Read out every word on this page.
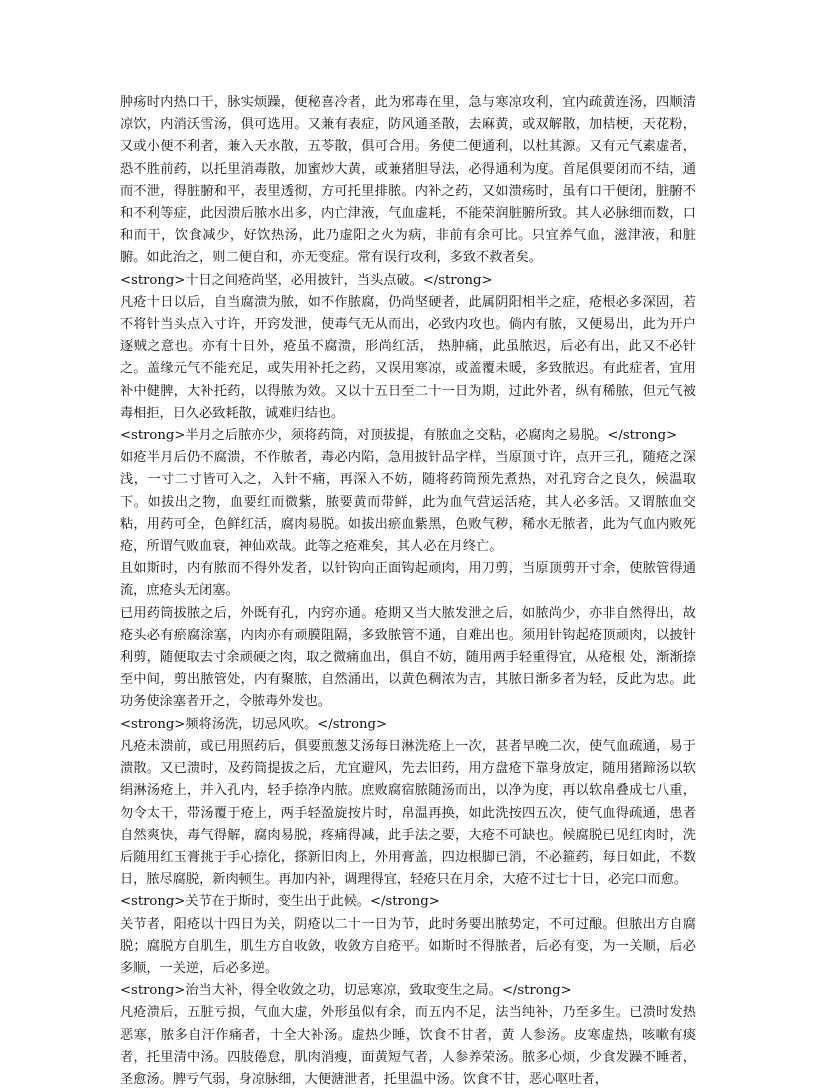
肿疡时内热口干，脉实烦躁，便秘喜冷者，此为邪毒在里，急与寒凉攻利，宜内疏黄连汤，四顺清凉饮，内消沃雪汤，俱可选用。又兼有表症，防风通圣散，去麻黄，或双解散，加桔梗，天花粉，又或小便不利者，兼入天水散，五苓散，俱可合用。务使二便通利，以杜其源。又有元气素虚者，恐不胜前药，以托里消毒散，加蜜炒大黄，或兼猪胆导法，必得通利为度。首尾俱要闭而不结，通而不泄，得脏腑和平，表里透彻，方可托里排脓。内补之药，又如溃疡时，虽有口干便闭，脏腑不和不利等症，此因溃后脓水出多，内亡津液，气血虚耗，不能荣润脏腑所致。其人必脉细而数，口和而干，饮食减少，好饮热汤，此乃虚阳之火为病，非前有余可比。只宜养气血，滋津液，和脏腑。如此治之，则二便自和，亦无变症。常有误行攻利，多致不救者矣。

<strong>十日之间疮尚坚，必用披针，当头点破。</strong>

凡疮十日以后，自当腐溃为脓，如不作脓腐，仍尚坚硬者，此属阴阳相半之症，疮根必多深固，若不将针当头点入寸许，开窍发泄，使毒气无从而出，必致内攻也。倘内有脓，又便易出，此为开户逐贼之意也。亦有十日外，疮虽不腐溃，形尚红活， 热肿痛，此虽脓迟，后必有出，此又不必针之。盖缘元气不能充足，或失用补托之药，又误用寒凉，或盖覆未暖，多致脓迟。有此症者，宜用补中健脾，大补托药，以得脓为效。又以十五日至二十一日为期，过此外者，纵有稀脓，但元气被毒相拒，日久必致耗散，诚难归结也。

<strong>半月之后脓亦少，须将药筒，对顶拔提，有脓血之交粘，必腐肉之易脱。</strong>

如疮半月后仍不腐溃，不作脓者，毒必内陷，急用披针品字样，当原顶寸许，点开三孔，随疮之深浅，一寸二寸皆可入之，入针不痛，再深入不妨，随将药筒预先煮热，对孔窍合之良久，候温取下。如拔出之物，血要红而微紫，脓要黄而带鲜，此为血气营运活疮，其人必多活。又谓脓血交粘，用药可全，色鲜红活，腐肉易脱。如拔出瘀血紫黑，色败气秽，稀水无脓者，此为气血内败死疮，所谓气败血衰，神仙欢哉。此等之疮难矣，其人必在月终亡。

且如斯时，内有脓而不得外发者，以针钩向正面钩起顽肉，用刀剪，当原顶剪开寸余，使脓管得通流，庶疮头无闭塞。

已用药筒拔脓之后，外既有孔，内窍亦通。疮期又当大脓发泄之后，如脓尚少，亦非自然得出，故疮头必有瘀腐涂塞，内肉亦有顽膜阻隔，多致脓管不通，自难出也。须用针钩起疮顶顽肉，以披针利剪，随便取去寸余顽硬之肉，取之微痛血出，俱自不妨，随用两手轻重得宜，从疮根 处，渐渐捺至中间，剪出脓管处，内有聚脓，自然涌出，以黄色稠浓为吉，其脓日渐多者为轻，反此为忠。此功务使涂塞者开之，令脓毒外发也。

<strong>频将汤洗，切忌风吹。</strong>

凡疮未溃前，或已用照药后，俱要煎葱艾汤每日淋洗疮上一次，甚者早晚二次，使气血疏通，易于溃散。又已溃时，及药筒提拔之后，尤宜避风，先去旧药，用方盘疮下靠身放定，随用猪蹄汤以软绢淋汤疮上，并入孔内，轻手捺净内脓。庶败腐宿脓随汤而出，以净为度，再以软帛叠成七八重，勿令太干，带汤覆于疮上，两手轻盈旋按片时，帛温再换，如此洗按四五次，使气血得疏通，患者自然爽快，毒气得解，腐肉易脱，疼痛得减，此手法之要，大疮不可缺也。候腐脱已见红肉时，洗后随用红玉膏挑于手心捺化，搽新旧肉上，外用膏盖，四边根脚已消，不必箍药，每日如此，不数日，脓尽腐脱，新肉顿生。再加内补，调理得宜，轻疮只在月余，大疮不过七十日，必完口而愈。

<strong>关节在于斯时，变生出于此候。</strong>

关节者，阳疮以十四日为关，阴疮以二十一日为节，此时务要出脓势定，不可过酿。但脓出方自腐脱；腐脱方自肌生，肌生方自收敛，收敛方自疮平。如斯时不得脓者，后必有变，为一关顺，后必多顺，一关逆，后必多逆。

<strong>治当大补，得全收敛之功，切忌寒凉，致取变生之局。</strong>

凡疮溃后，五脏亏损，气血大虚，外形虽似有余，而五内不足，法当纯补，乃至多生。已溃时发热恶寒，脓多自汗作痛者，十全大补汤。虚热少睡，饮食不甘者，黄 人参汤。皮寒虚热，咳嗽有痰者，托里清中汤。四肢倦怠，肌肉消瘦，面黄短气者，人参养荣汤。脓多心烦，少食发躁不睡者，圣愈汤。脾亏气弱，身凉脉细，大便溏泄者，托里温中汤。饮食不甘，恶心呕吐者，
